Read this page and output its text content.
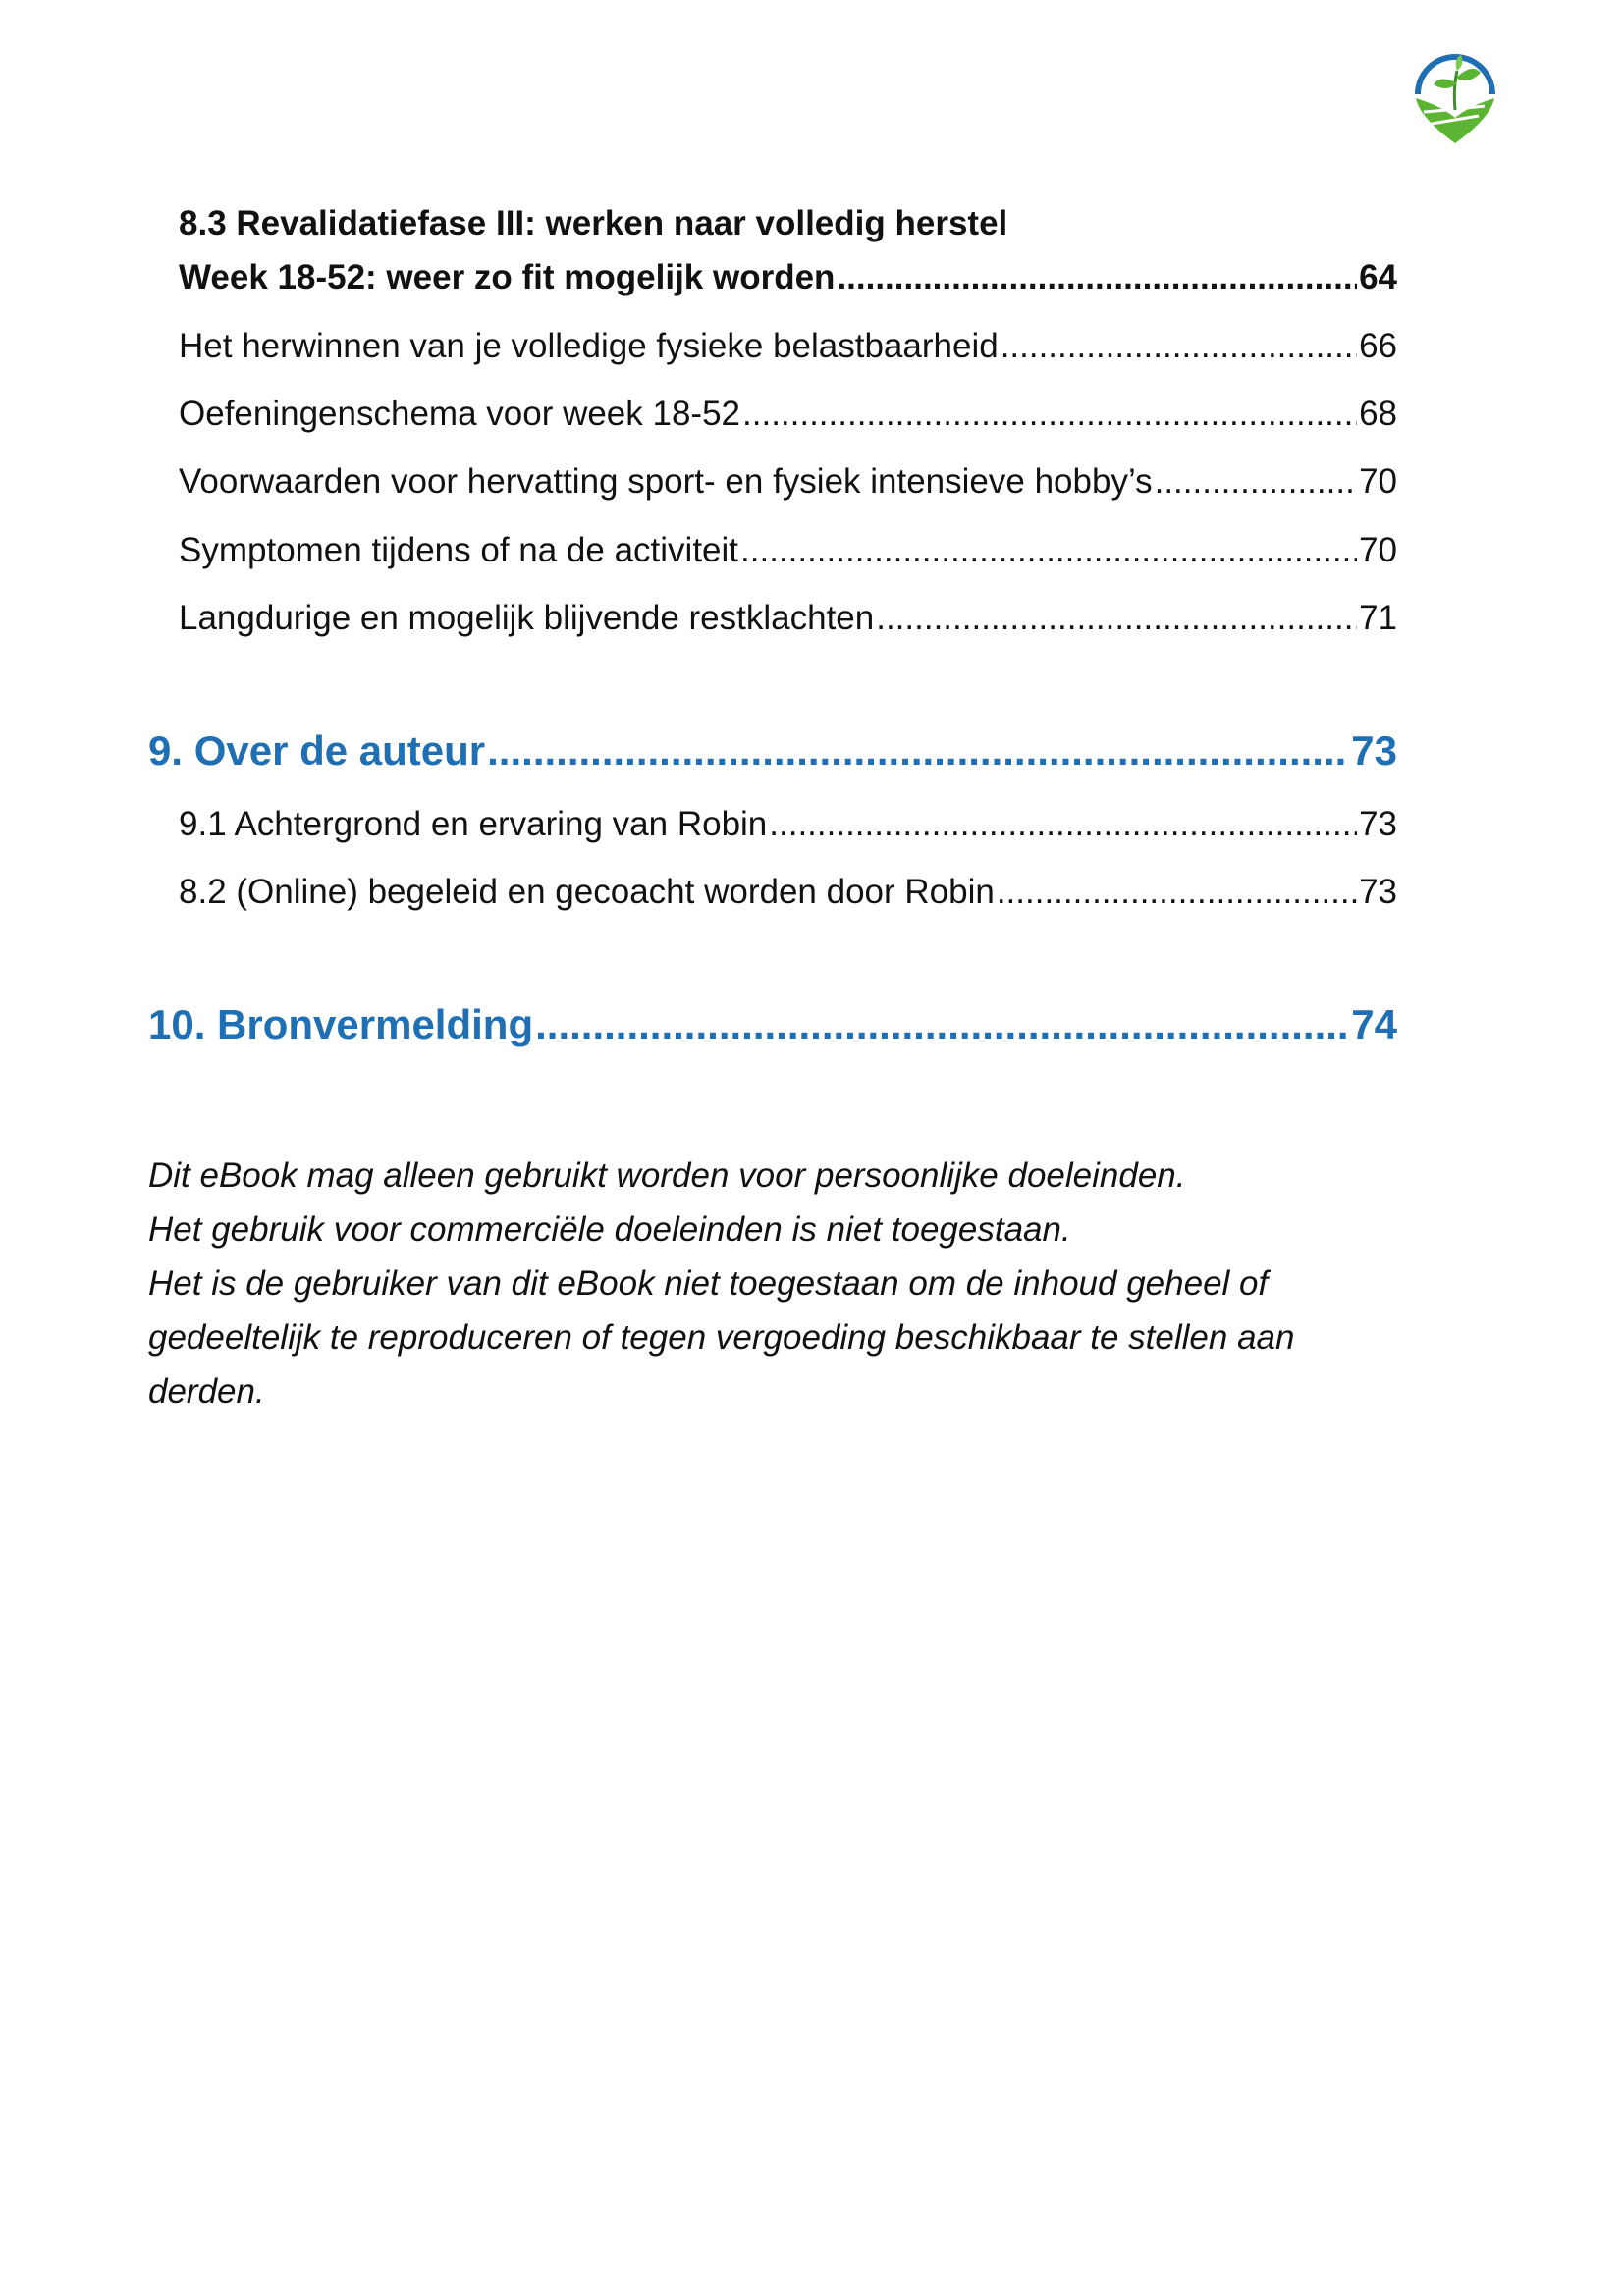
8.3 Revalidatiefase III: werken naar volledig herstel
Week 18-52: weer zo fit mogelijk worden .....	64
Het herwinnen van je volledige fysieke belastbaarheid .....	66
Oefeningenschema voor week 18-52 .....	68
Voorwaarden voor hervatting sport- en fysiek intensieve hobby’s .....	70
Symptomen tijdens of na de activiteit .....	70
Langdurige en mogelijk blijvende restklachten .....	71
9. Over de auteur .....	73
9.1 Achtergrond en ervaring van Robin .....	73
8.2 (Online) begeleid en gecoacht worden door Robin .....	73
10. Bronvermelding .....	74

Dit eBook mag alleen gebruikt worden voor persoonlijke doeleinden.

Het gebruik voor commerciële doeleinden is niet toegestaan.

Het is de gebruiker van dit eBook niet toegestaan om de inhoud geheel of

gedeeltelijk te reproduceren of tegen vergoeding beschikbaar te stellen aan

derden.
